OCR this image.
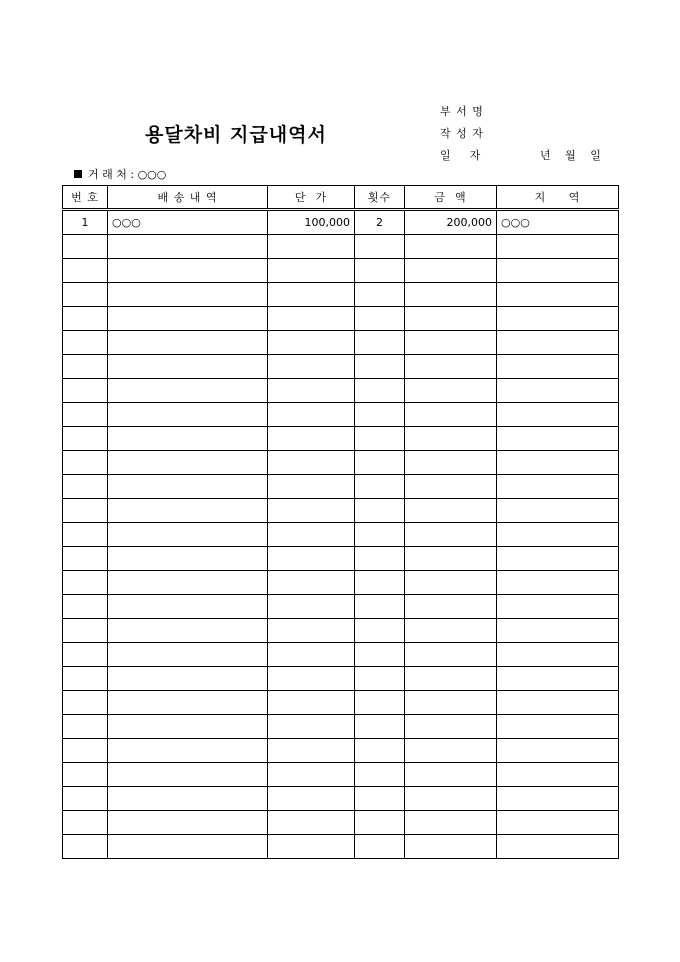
용달차비 지급내역서
부 서 명
작 성 자
일    자	년   월   일
거 래 처 : ○○○
번 호	배 송 내 역	단  가	횟수	금  액	지     역
1	○○○	100,000	2	200,000	○○○
